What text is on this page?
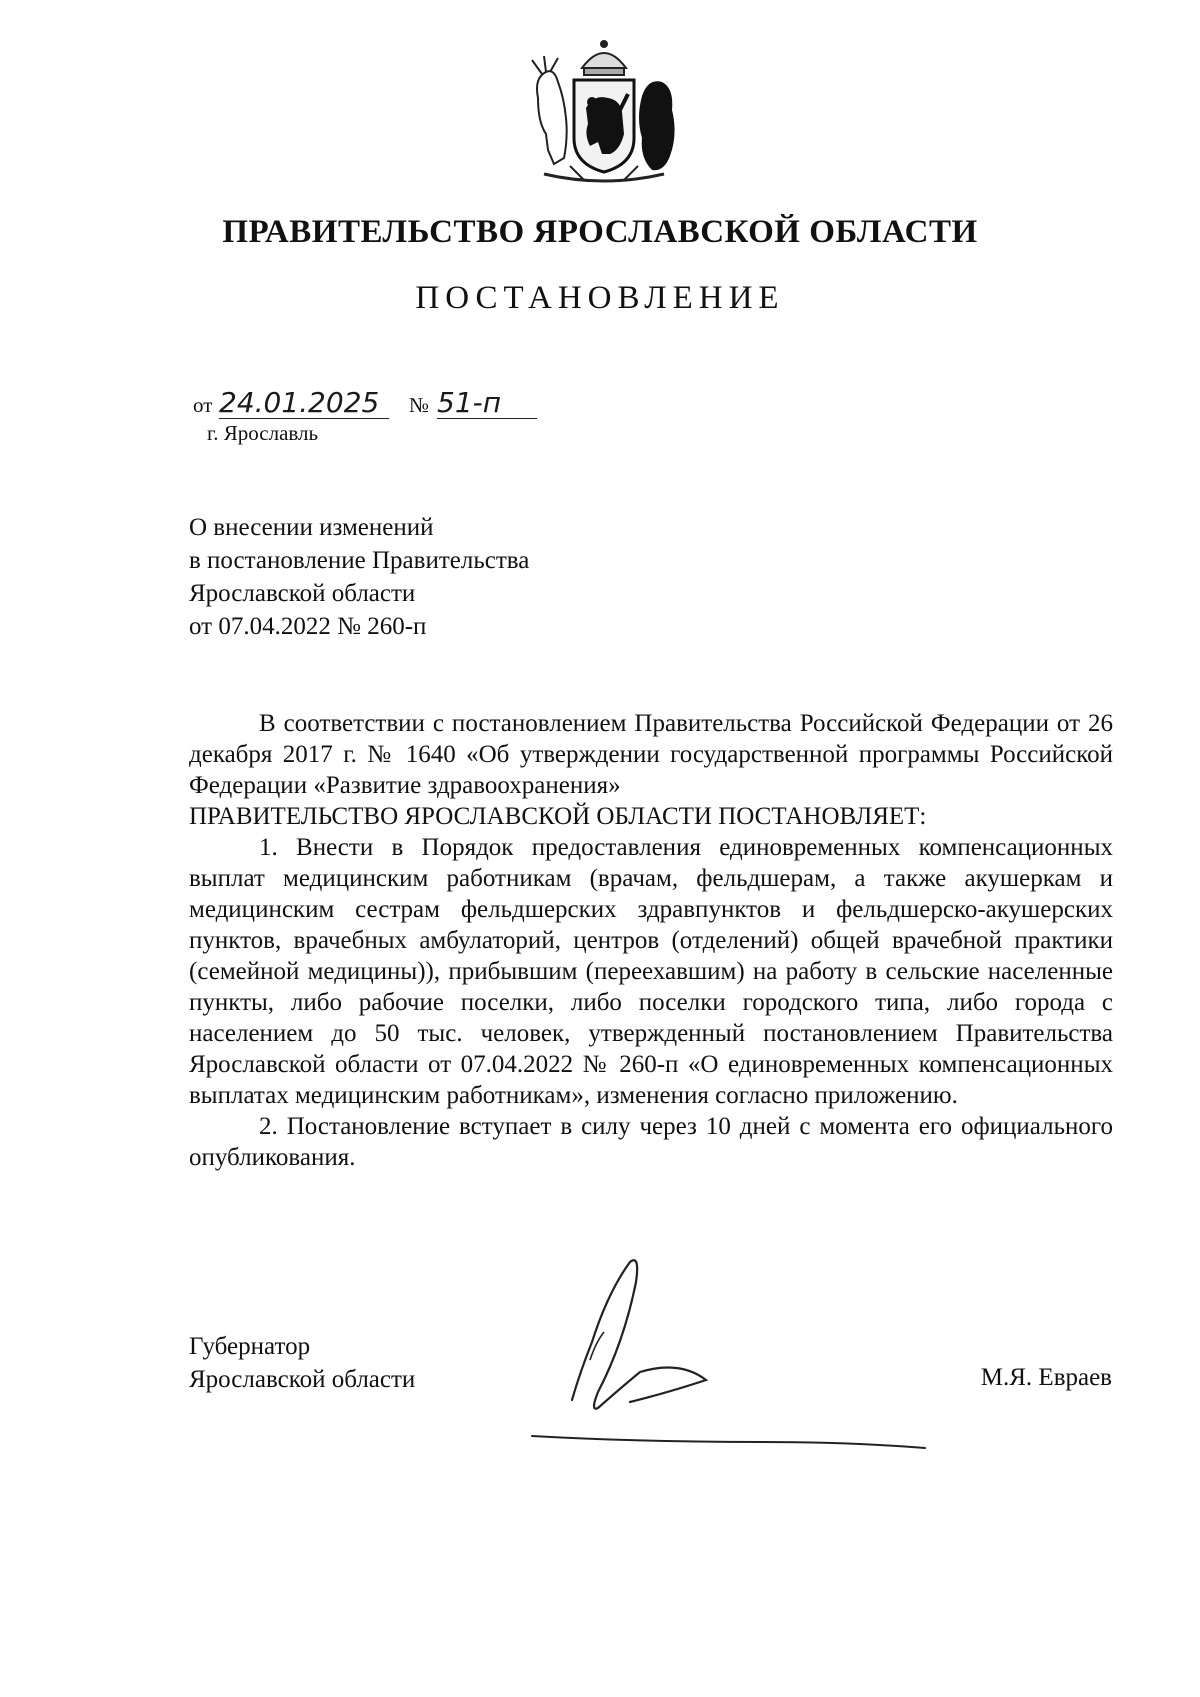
ПРАВИТЕЛЬСТВО ЯРОСЛАВСКОЙ ОБЛАСТИ
ПОСТАНОВЛЕНИЕ
от 24.01.2025	№ 51-п
г. Ярославль
О внесении изменений
в постановление Правительства
Ярославской области
от 07.04.2022 № 260-п

В соответствии с постановлением Правительства Российской Федерации от 26 декабря 2017 г. № 1640 «Об утверждении государственной программы Российской Федерации «Развитие здравоохранения»

ПРАВИТЕЛЬСТВО ЯРОСЛАВСКОЙ ОБЛАСТИ ПОСТАНОВЛЯЕТ:

1. Внести в Порядок предоставления единовременных компенсационных выплат медицинским работникам (врачам, фельдшерам, а также акушеркам и медицинским сестрам фельдшерских здравпунктов и фельдшерско-акушерских пунктов, врачебных амбулаторий, центров (отделений) общей врачебной практики (семейной медицины)), прибывшим (переехавшим) на работу в сельские населенные пункты, либо рабочие поселки, либо поселки городского типа, либо города с населением до 50 тыс. человек, утвержденный постановлением Правительства Ярославской области от 07.04.2022 № 260-п «О единовременных компенсационных выплатах медицинским работникам», изменения согласно приложению.

2. Постановление вступает в силу через 10 дней с момента его официального опубликования.

Губернатор
Ярославской области	М.Я. Евраев
